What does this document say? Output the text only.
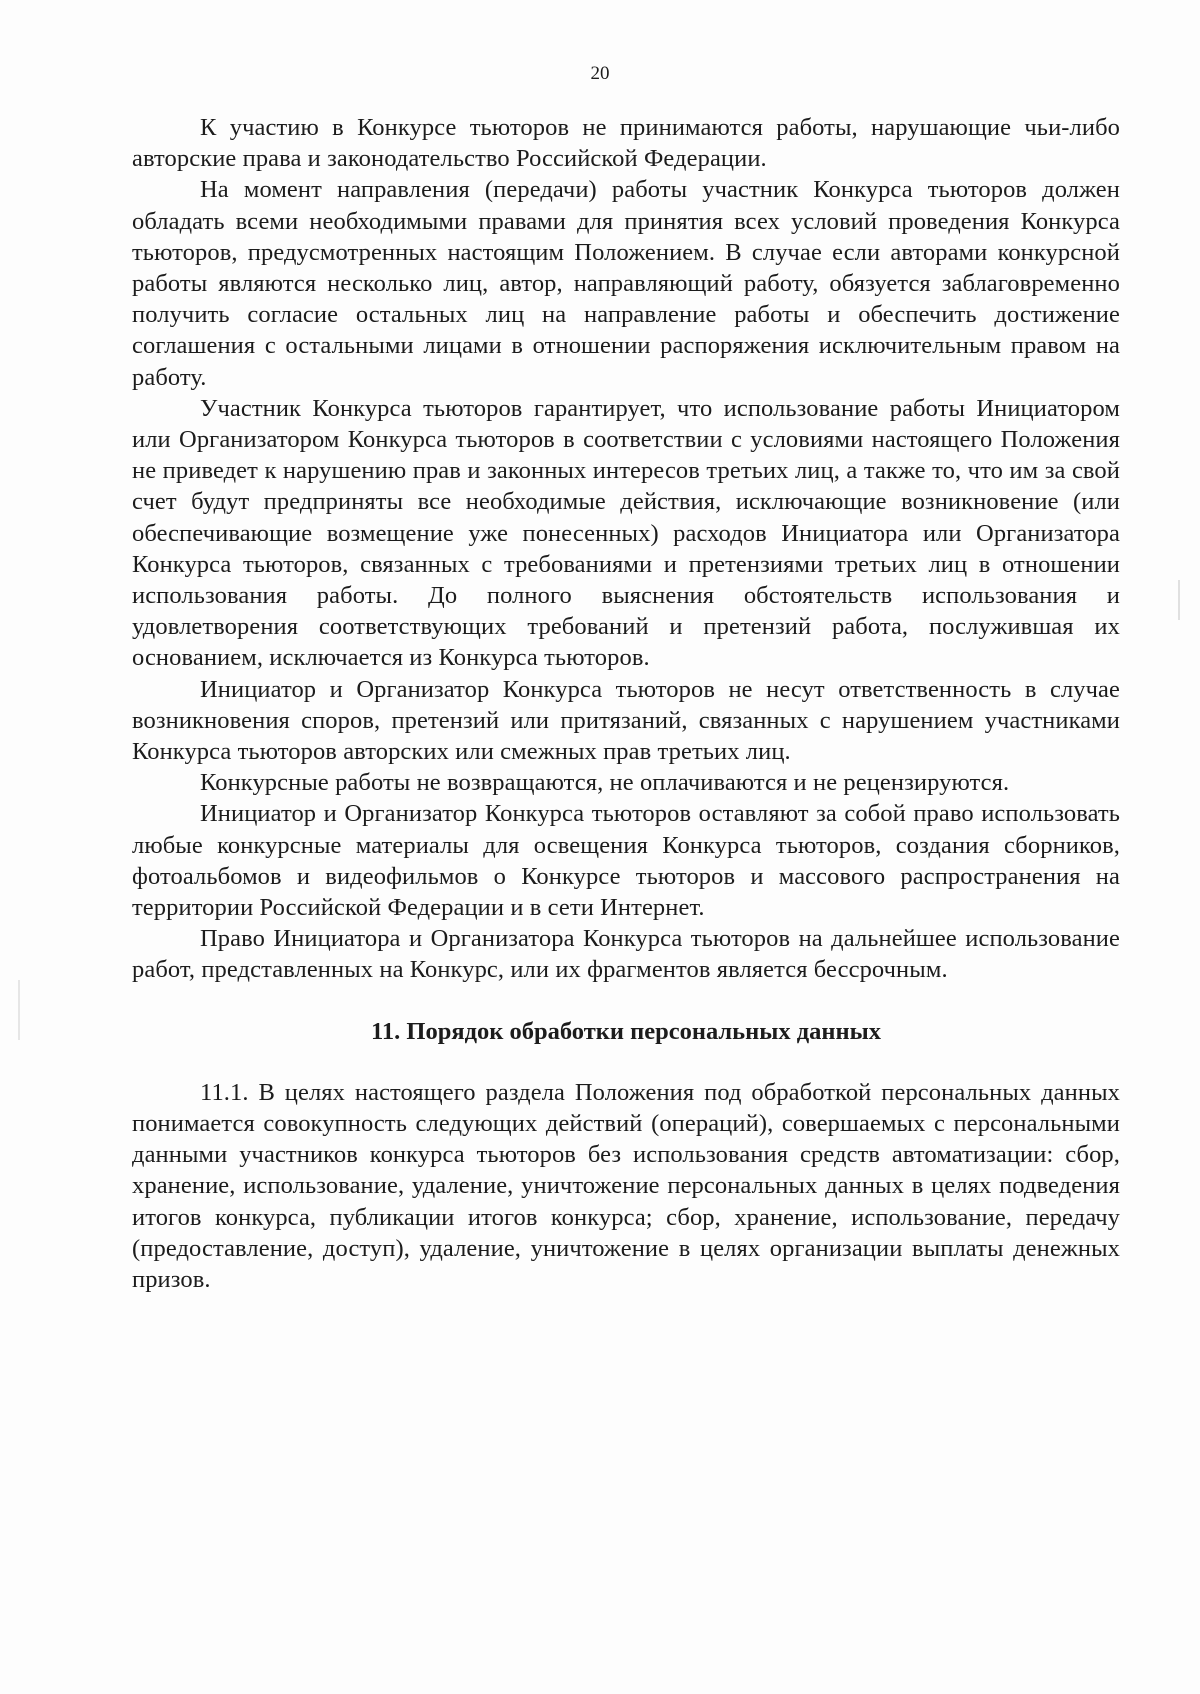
20

К участию в Конкурсе тьюторов не принимаются работы, нарушающие чьи-либо авторские права и законодательство Российской Федерации.

На момент направления (передачи) работы участник Конкурса тьюторов должен обладать всеми необходимыми правами для принятия всех условий проведения Конкурса тьюторов, предусмотренных настоящим Положением. В случае если авторами конкурсной работы являются несколько лиц, автор, направляющий работу, обязуется заблаговременно получить согласие остальных лиц на направление работы и обеспечить достижение соглашения с остальными лицами в отношении распоряжения исключительным правом на работу.

Участник Конкурса тьюторов гарантирует, что использование работы Инициатором или Организатором Конкурса тьюторов в соответствии с условиями настоящего Положения не приведет к нарушению прав и законных интересов третьих лиц, а также то, что им за свой счет будут предприняты все необходимые действия, исключающие возникновение (или обеспечивающие возмещение уже понесенных) расходов Инициатора или Организатора Конкурса тьюторов, связанных с требованиями и претензиями третьих лиц в отношении использования работы. До полного выяснения обстоятельств использования и удовлетворения соответствующих требований и претензий работа, послужившая их основанием, исключается из Конкурса тьюторов.

Инициатор и Организатор Конкурса тьюторов не несут ответственность в случае возникновения споров, претензий или притязаний, связанных с нарушением участниками Конкурса тьюторов авторских или смежных прав третьих лиц.

Конкурсные работы не возвращаются, не оплачиваются и не рецензируются.

Инициатор и Организатор Конкурса тьюторов оставляют за собой право использовать любые конкурсные материалы для освещения Конкурса тьюторов, создания сборников, фотоальбомов и видеофильмов о Конкурсе тьюторов и массового распространения на территории Российской Федерации и в сети Интернет.

Право Инициатора и Организатора Конкурса тьюторов на дальнейшее использование работ, представленных на Конкурс, или их фрагментов является бессрочным.

11. Порядок обработки персональных данных

11.1. В целях настоящего раздела Положения под обработкой персональных данных понимается совокупность следующих действий (операций), совершаемых с персональными данными участников конкурса тьюторов без использования средств автоматизации: сбор, хранение, использование, удаление, уничтожение персональных данных в целях подведения итогов конкурса, публикации итогов конкурса; сбор, хранение, использование, передачу (предоставление, доступ), удаление, уничтожение в целях организации выплаты денежных призов.
